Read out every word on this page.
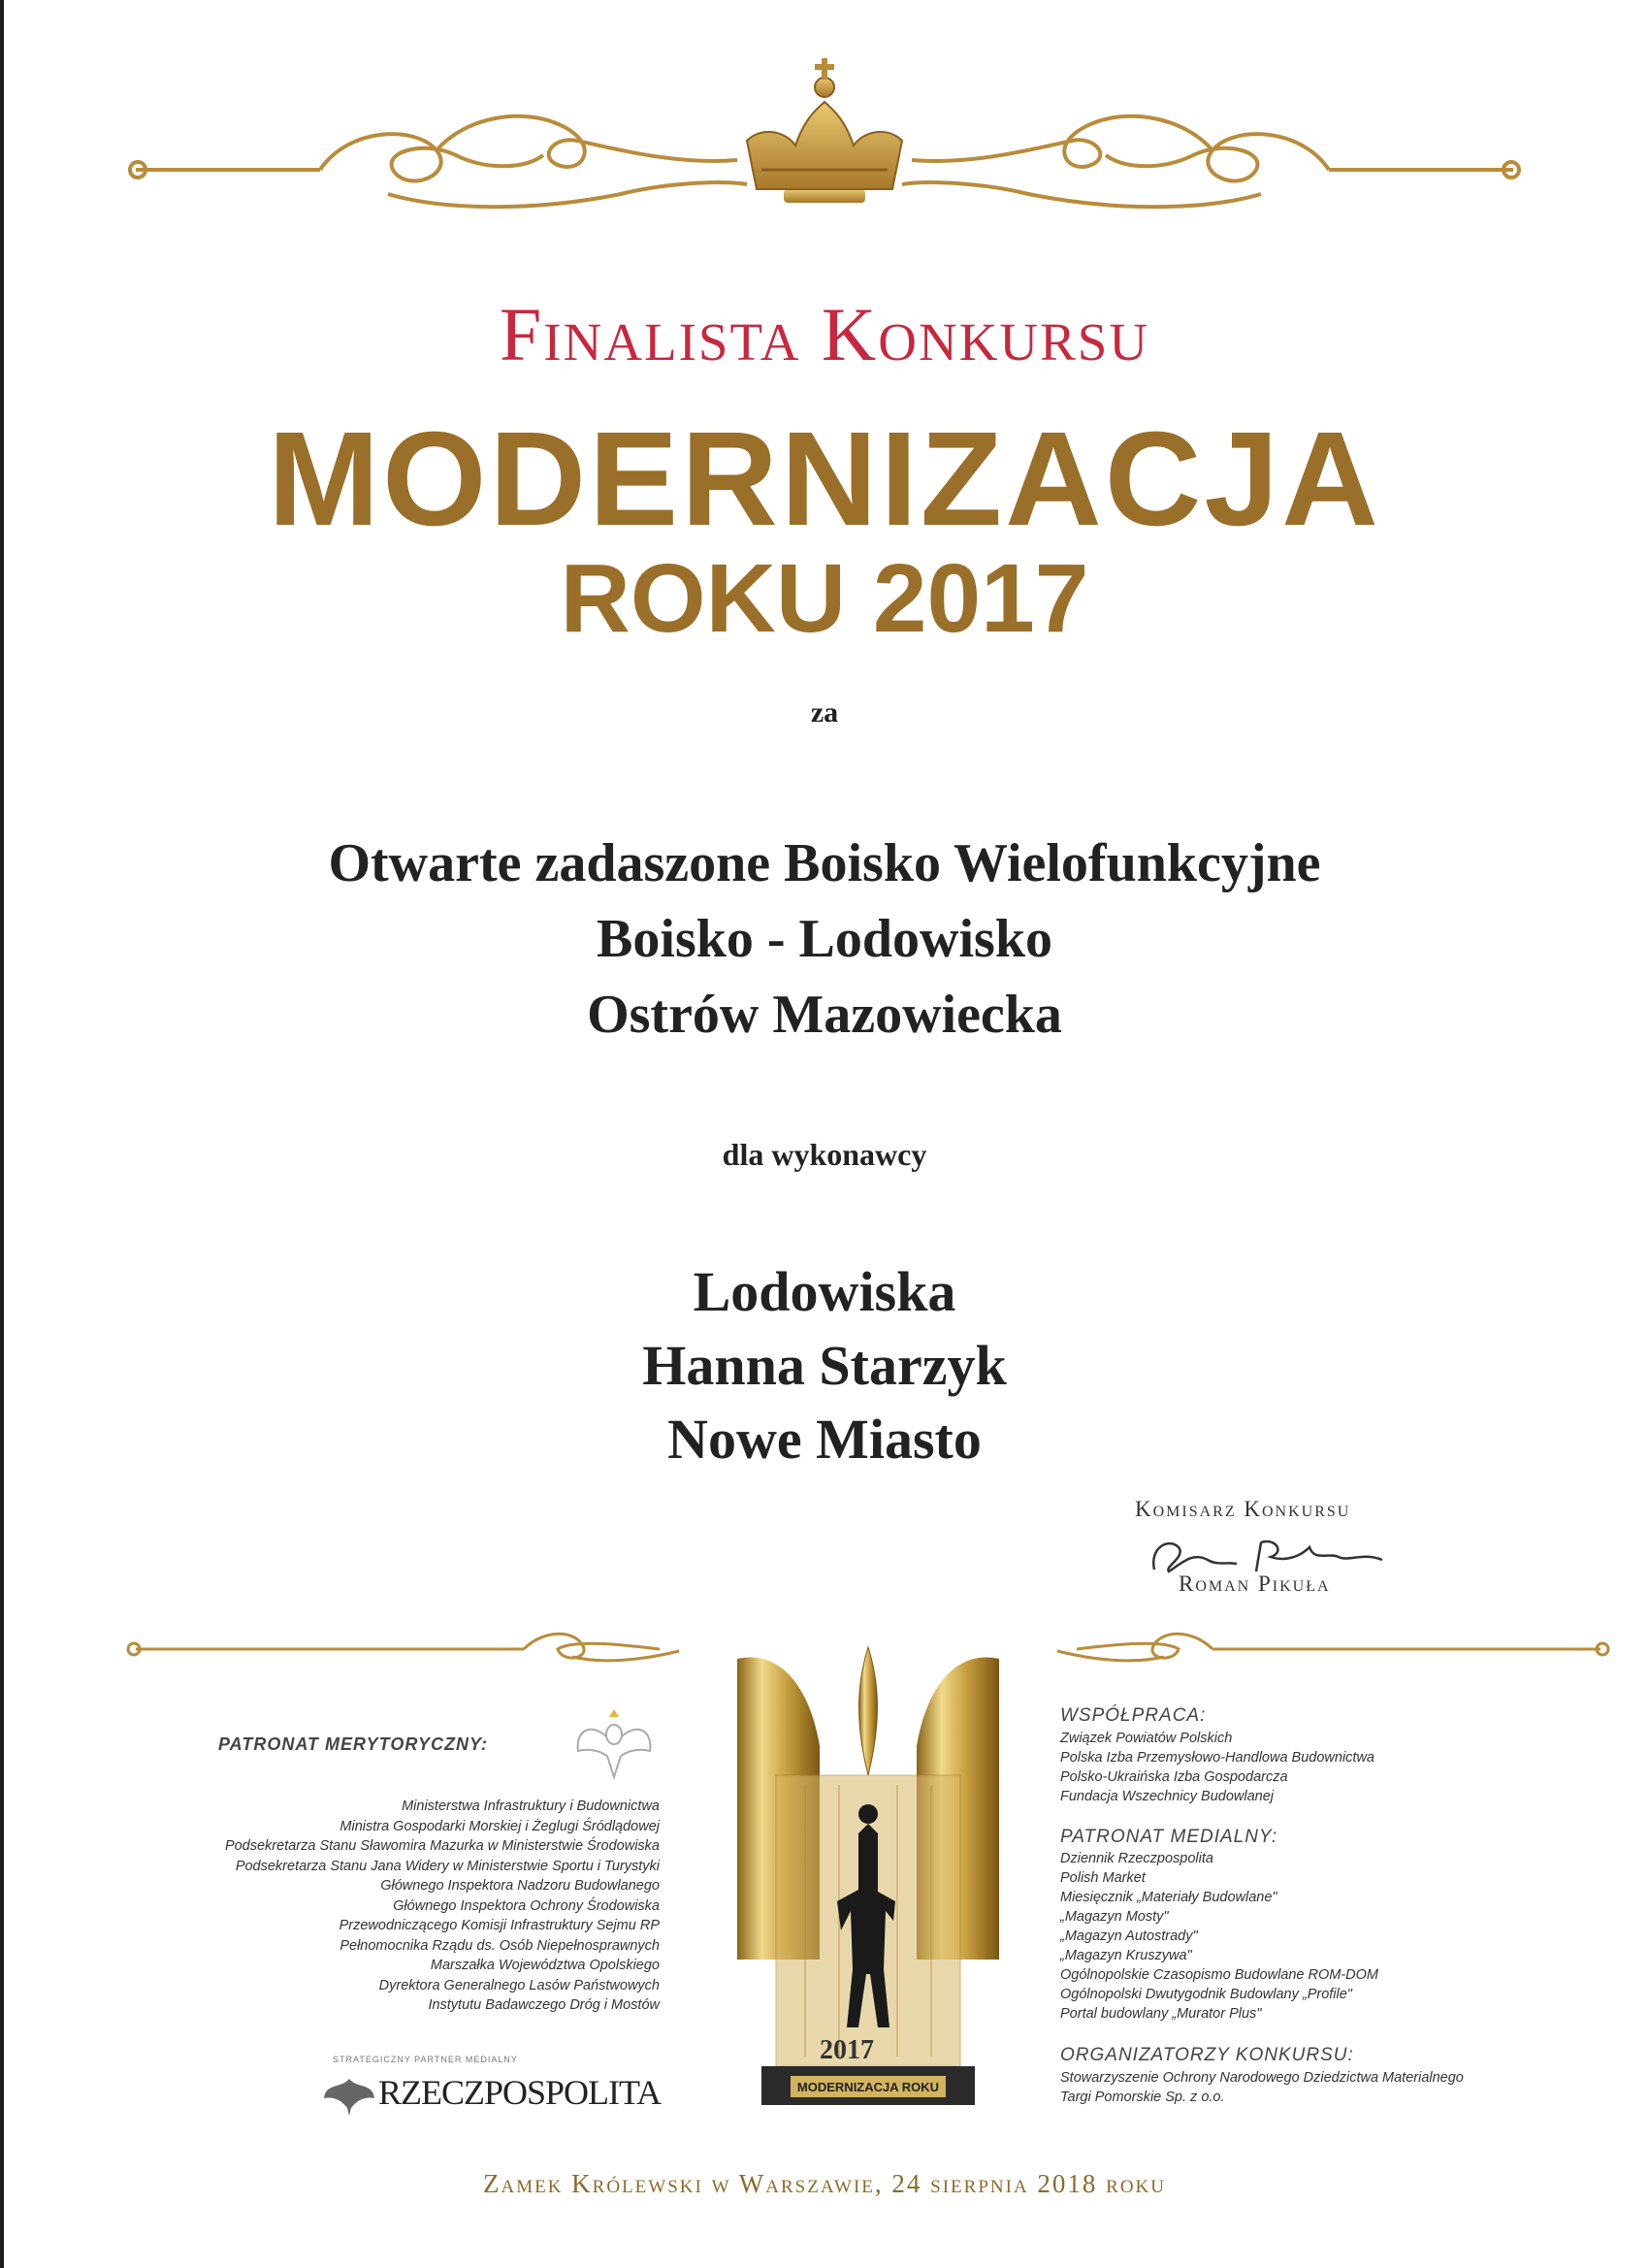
Finalista Konkursu
MODERNIZACJA
ROKU 2017
za
Otwarte zadaszone Boisko Wielofunkcyjne
Boisko - Lodowisko
Ostrów Mazowiecka
dla wykonawcy
Lodowiska
Hanna Starzyk
Nowe Miasto
Komisarz Konkursu
Roman Pikuła
PATRONAT MERYTORYCZNY:
Ministerstwa Infrastruktury i Budownictwa
Ministra Gospodarki Morskiej i Żeglugi Śródlądowej
Podsekretarza Stanu Sławomira Mazurka w Ministerstwie Środowiska
Podsekretarza Stanu Jana Widery w Ministerstwie Sportu i Turystyki
Głównego Inspektora Nadzoru Budowlanego
Głównego Inspektora Ochrony Środowiska
Przewodniczącego Komisji Infrastruktury Sejmu RP
Pełnomocnika Rządu ds. Osób Niepełnosprawnych
Marszałka Województwa Opolskiego
Dyrektora Generalnego Lasów Państwowych
Instytutu Badawczego Dróg i Mostów
STRATEGICZNY PARTNER MEDIALNY
RZECZPOSPOLITA
2017
MODERNIZACJA ROKU
WSPÓŁPRACA:
Związek Powiatów Polskich
Polska Izba Przemysłowo-Handlowa Budownictwa
Polsko-Ukraińska Izba Gospodarcza
Fundacja Wszechnicy Budowlanej
PATRONAT MEDIALNY:
Dziennik Rzeczpospolita
Polish Market
Miesięcznik „Materiały Budowlane"
„Magazyn Mosty"
„Magazyn Autostrady"
„Magazyn Kruszywa"
Ogólnopolskie Czasopismo Budowlane ROM-DOM
Ogólnopolski Dwutygodnik Budowlany „Profile"
Portal budowlany „Murator Plus"
ORGANIZATORZY KONKURSU:
Stowarzyszenie Ochrony Narodowego Dziedzictwa Materialnego
Targi Pomorskie Sp. z o.o.
Zamek Królewski w Warszawie, 24 sierpnia 2018 roku
